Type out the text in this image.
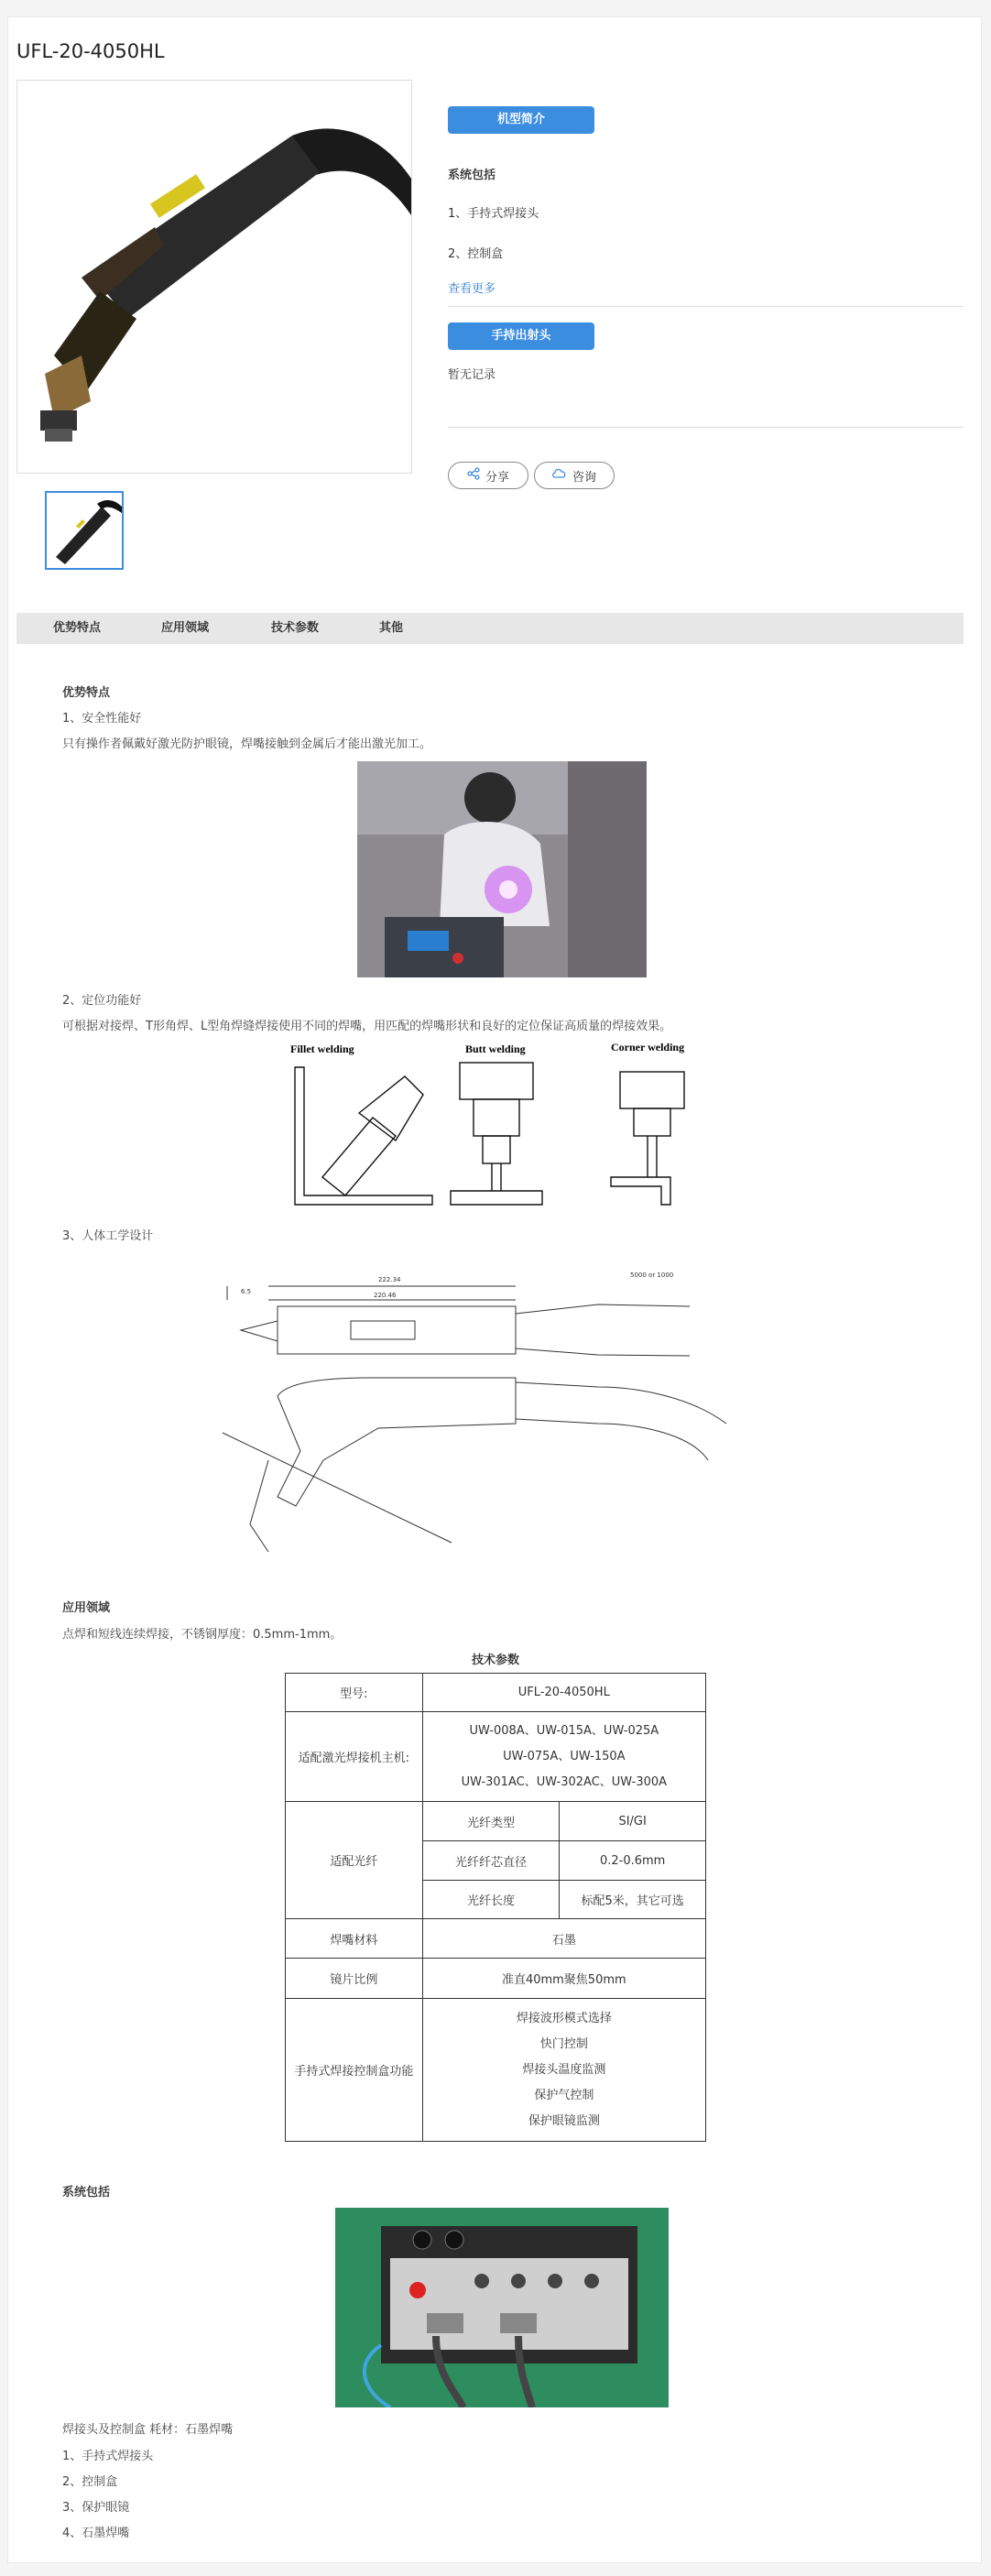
UFL-20-4050HL
机型简介
系统包括
1、手持式焊接头
2、控制盒
查看更多
手持出射头
暂无记录
分享	咨询
优势特点	应用领域	技术参数	其他
优势特点
1、安全性能好
只有操作者佩戴好激光防护眼镜，焊嘴接触到金属后才能出激光加工。
2、定位功能好
可根据对接焊、T形角焊、L型角焊缝焊接使用不同的焊嘴，用匹配的焊嘴形状和良好的定位保证高质量的焊接效果。
Fillet welding	Butt welding	Corner welding
3、人体工学设计
222.34
220.46
5000 or 1000
6.5
应用领域
点焊和短线连续焊接，不锈钢厚度：0.5mm-1mm。
技术参数
型号:	UFL-20-4050HL	
适配激光焊接机主机:	UW-008A、UW-015A、UW-025A
UW-075A、UW-150A
UW-301AC、UW-302AC、UW-300A	

适配光纤	光纤类型	SI/GI
	光纤纤芯直径	0.2-0.6mm
	光纤长度	标配5米，其它可选
焊嘴材料	石墨	
镜片比例	准直40mm聚焦50mm	
手持式焊接控制盒功能	焊接波形模式选择
快门控制
焊接头温度监测
保护气控制
保护眼镜监测	
系统包括
焊接头及控制盒 耗材：石墨焊嘴
1、手持式焊接头
2、控制盒
3、保护眼镜
4、石墨焊嘴
